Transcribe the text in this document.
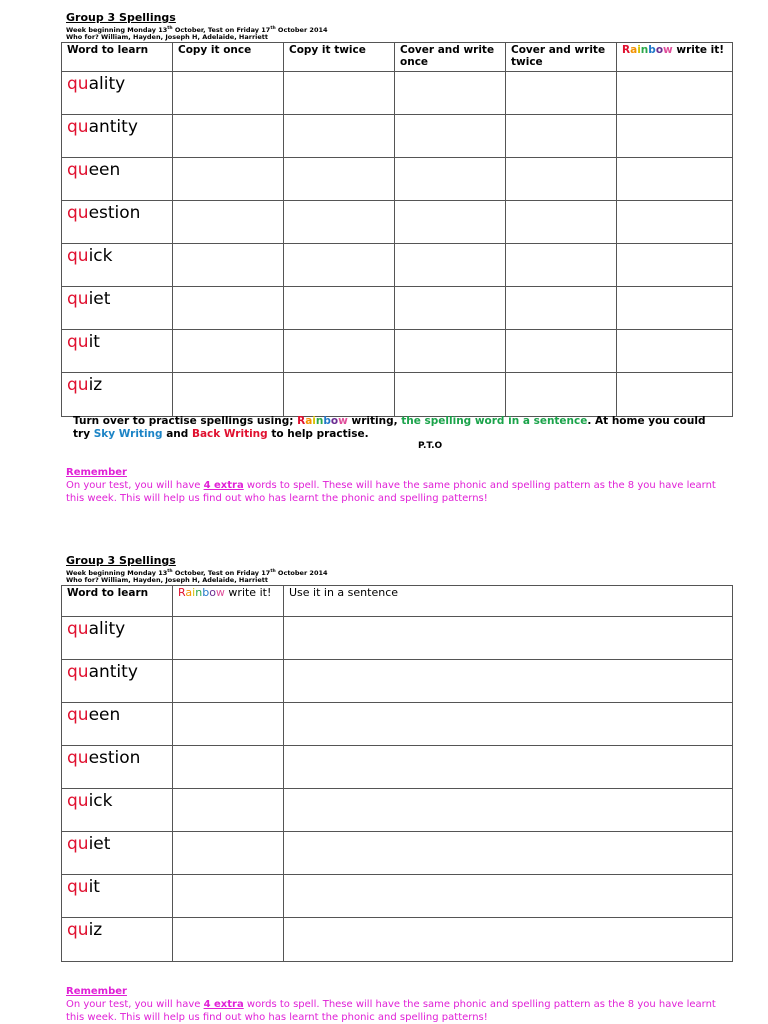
Group 3 Spellings
Week beginning Monday 13th October, Test on Friday 17th October 2014
Who for? William, Hayden, Joseph H, Adelaide, Harriett
Word to learn	Copy it once	Copy it twice	Cover and write once	Cover and write twice	Rainbow write it!
quality					
quantity					
queen					
question					
quick					
quiet					
quit					
quiz					
Turn over to practise spellings using; Rainbow writing, the spelling word in a sentence. At home you could try Sky Writing and Back Writing to help practise.
P.T.O
Remember
On your test, you will have 4 extra words to spell. These will have the same phonic and spelling pattern as the 8 you have learnt this week. This will help us find out who has learnt the phonic and spelling patterns!
Group 3 Spellings
Week beginning Monday 13th October, Test on Friday 17th October 2014
Who for? William, Hayden, Joseph H, Adelaide, Harriett
Word to learn	Rainbow write it!	Use it in a sentence
quality		
quantity		
queen		
question		
quick		
quiet		
quit		
quiz		
Remember
On your test, you will have 4 extra words to spell. These will have the same phonic and spelling pattern as the 8 you have learnt this week. This will help us find out who has learnt the phonic and spelling patterns!
